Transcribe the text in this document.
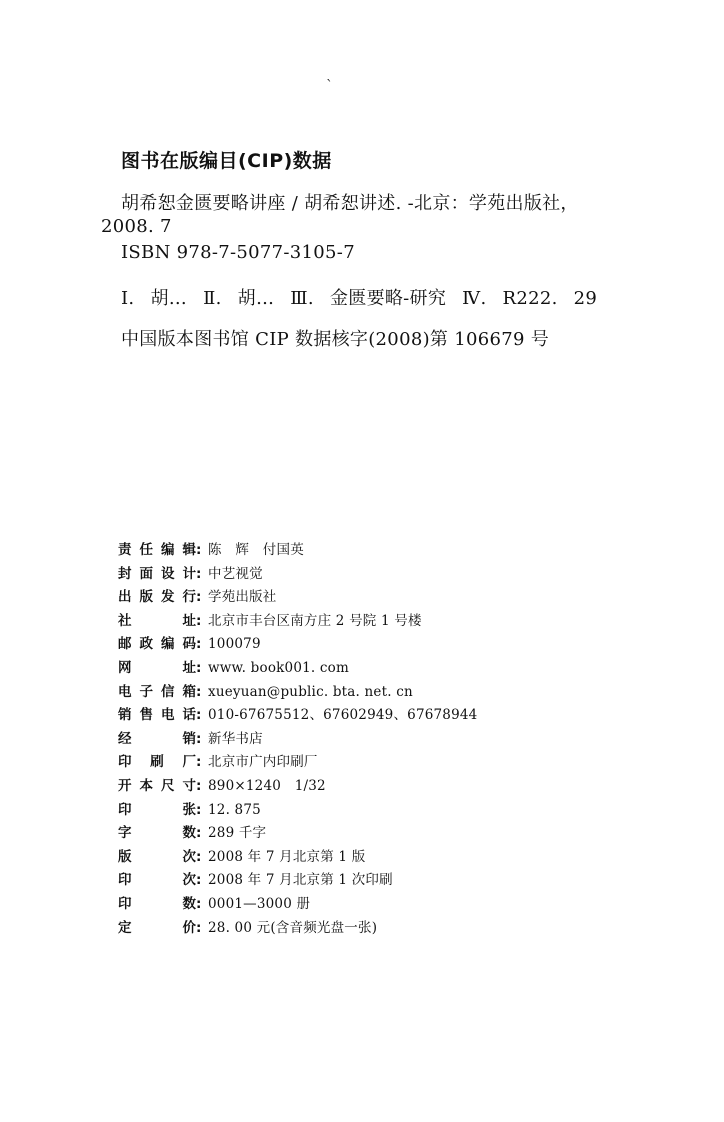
`
图书在版编目(CIP)数据
胡希恕金匮要略讲座 / 胡希恕讲述. -北京：学苑出版社，
2008. 7
ISBN 978-7-5077-3105-7
Ⅰ. 胡… Ⅱ. 胡… Ⅲ. 金匮要略-研究 Ⅳ. R222. 29
中国版本图书馆 CIP 数据核字(2008)第 106679 号
责任编辑 : 陈　辉　付国英
封面设计 : 中艺视觉
出版发行 : 学苑出版社
社址 : 北京市丰台区南方庄 2 号院 1 号楼
邮政编码 : 100079
网址 : www. book001. com
电子信箱 : xueyuan@public. bta. net. cn
销售电话 : 010-67675512、67602949、67678944
经销 : 新华书店
印刷厂 : 北京市广内印刷厂
开本尺寸 : 890×1240　1/32
印张 : 12. 875
字数 : 289 千字
版次 : 2008 年 7 月北京第 1 版
印次 : 2008 年 7 月北京第 1 次印刷
印数 : 0001—3000 册
定价 : 28. 00 元(含音频光盘一张)
